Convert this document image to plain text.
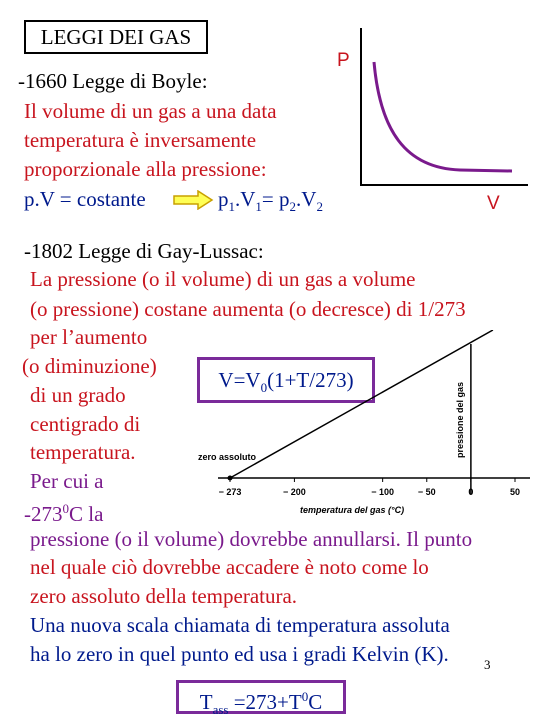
LEGGI DEI GAS
-1660 Legge di Boyle:
Il volume di un gas a una data
temperatura è inversamente
proporzionale alla pressione:
p.V = costante	$p_1.V_1= p_2.V_2$
P
V
-1802 Legge di Gay-Lussac:
La pressione (o il volume) di un gas a volume
(o pressione) costane aumenta (o decresce) di 1/273
per l’aumento
(o diminuzione)
di un grado
centigrado di
temperatura.
Per cui a
$-273^0C$ la
pressione (o il volume) dovrebbe annullarsi. Il punto
nel quale ciò dovrebbe accadere è noto come lo
zero assoluto della temperatura.
Una nuova scala chiamata di temperatura assoluta
ha lo zero in quel punto ed usa i gradi Kelvin (K).
$V=V_0(1+T/273)$
− 273	− 200	− 100	− 50	0	50
zero assoluto
temperatura del gas (°C)
pressione del gas
$T_{ass} =273+T^0C$
3
